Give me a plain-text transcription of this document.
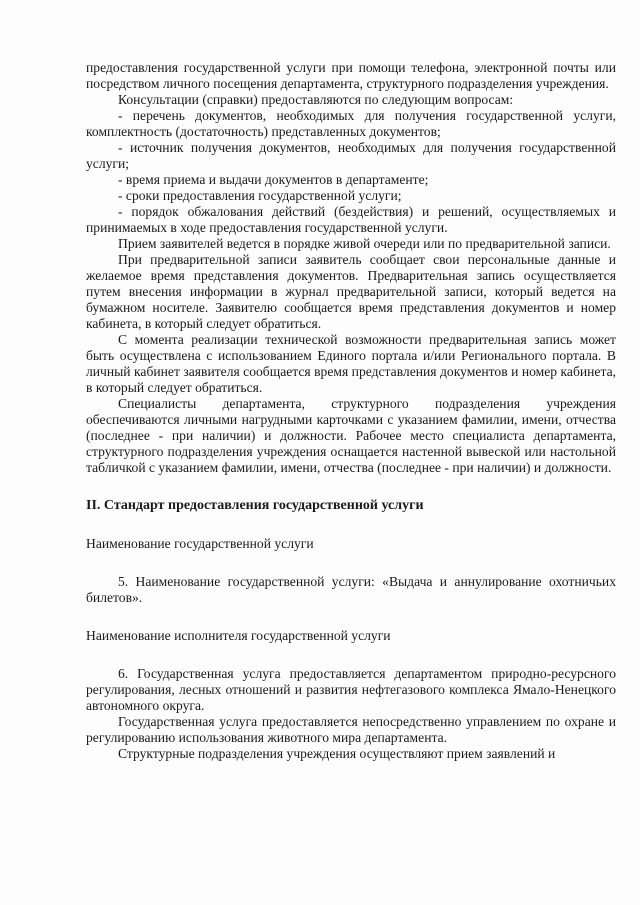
предоставления государственной услуги при помощи телефона, электронной почты или посредством личного посещения департамента, структурного подразделения учреждения.

Консультации (справки) предоставляются по следующим вопросам:

- перечень документов, необходимых для получения государственной услуги, комплектность (достаточность) представленных документов;

- источник получения документов, необходимых для получения государственной услуги;

- время приема и выдачи документов в департаменте;

- сроки предоставления государственной услуги;

- порядок обжалования действий (бездействия) и решений, осуществляемых и принимаемых в ходе предоставления государственной услуги.

Прием заявителей ведется в порядке живой очереди или по предварительной записи.

При предварительной записи заявитель сообщает свои персональные данные и желаемое время представления документов. Предварительная запись осуществляется путем внесения информации в журнал предварительной записи, который ведется на бумажном носителе. Заявителю сообщается время представления документов и номер кабинета, в который следует обратиться.

С момента реализации технической возможности предварительная запись может быть осуществлена с использованием Единого портала и/или Регионального портала. В личный кабинет заявителя сообщается время представления документов и номер кабинета, в который следует обратиться.

Специалисты департамента, структурного подразделения учреждения обеспечиваются личными нагрудными карточками с указанием фамилии, имени, отчества (последнее - при наличии) и должности. Рабочее место специалиста департамента, структурного подразделения учреждения оснащается настенной вывеской или настольной табличкой с указанием фамилии, имени, отчества (последнее - при наличии) и должности.

II. Стандарт предоставления государственной услуги

Наименование государственной услуги

5. Наименование государственной услуги: «Выдача и аннулирование охотничьих билетов».

Наименование исполнителя государственной услуги

6. Государственная услуга предоставляется департаментом природно-ресурсного регулирования, лесных отношений и развития нефтегазового комплекса Ямало-Ненецкого автономного округа.

Государственная услуга предоставляется непосредственно управлением по охране и регулированию использования животного мира департамента.

Структурные подразделения учреждения осуществляют прием заявлений и
